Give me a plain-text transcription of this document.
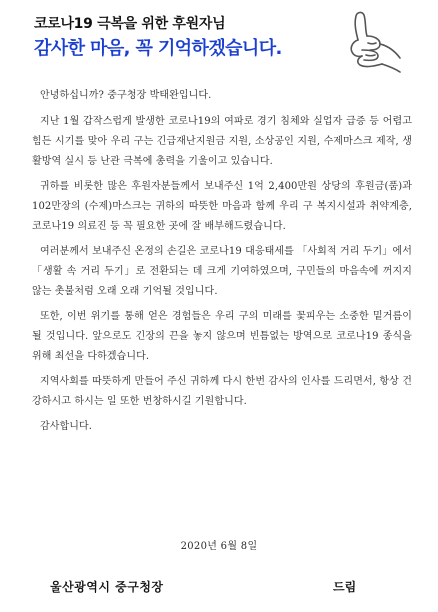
코로나19 극복을 위한 후원자님
감사한 마음, 꼭 기억하겠습니다.

안녕하십니까? 중구청장 박태완입니다.

지난 1월 갑작스럽게 발생한 코로나19의 여파로 경기 침체와 실업자 급증 등 어렵고 힘든 시기를 맞아 우리 구는 긴급재난지원금 지원, 소상공인 지원, 수제마스크 제작, 생활방역 실시 등 난관 극복에 총력을 기울이고 있습니다.

귀하를 비롯한 많은 후원자분들께서 보내주신 1억 2,400만원 상당의 후원금(품)과 102만장의 (수제)마스크는 귀하의 따뜻한 마음과 함께 우리 구 복지시설과 취약계층, 코로나19 의료진 등 꼭 필요한 곳에 잘 배부해드렸습니다.

여러분께서 보내주신 온정의 손길은 코로나19 대응태세를 「사회적 거리 두기」에서 「생활 속 거리 두기」로 전환되는 데 크게 기여하였으며, 구민들의 마음속에 꺼지지 않는 촛불처럼 오래 오래 기억될 것입니다.

또한, 이번 위기를 통해 얻은 경험들은 우리 구의 미래를 꽃피우는 소중한 밑거름이 될 것입니다. 앞으로도 긴장의 끈을 놓지 않으며 빈틈없는 방역으로 코로나19 종식을 위해 최선을 다하겠습니다.

지역사회를 따뜻하게 만들어 주신 귀하께 다시 한번 감사의 인사를 드리면서, 항상 건강하시고 하시는 일 또한 번창하시길 기원합니다.

감사합니다.

2020년 6월 8일
울산광역시 중구청장	드림
